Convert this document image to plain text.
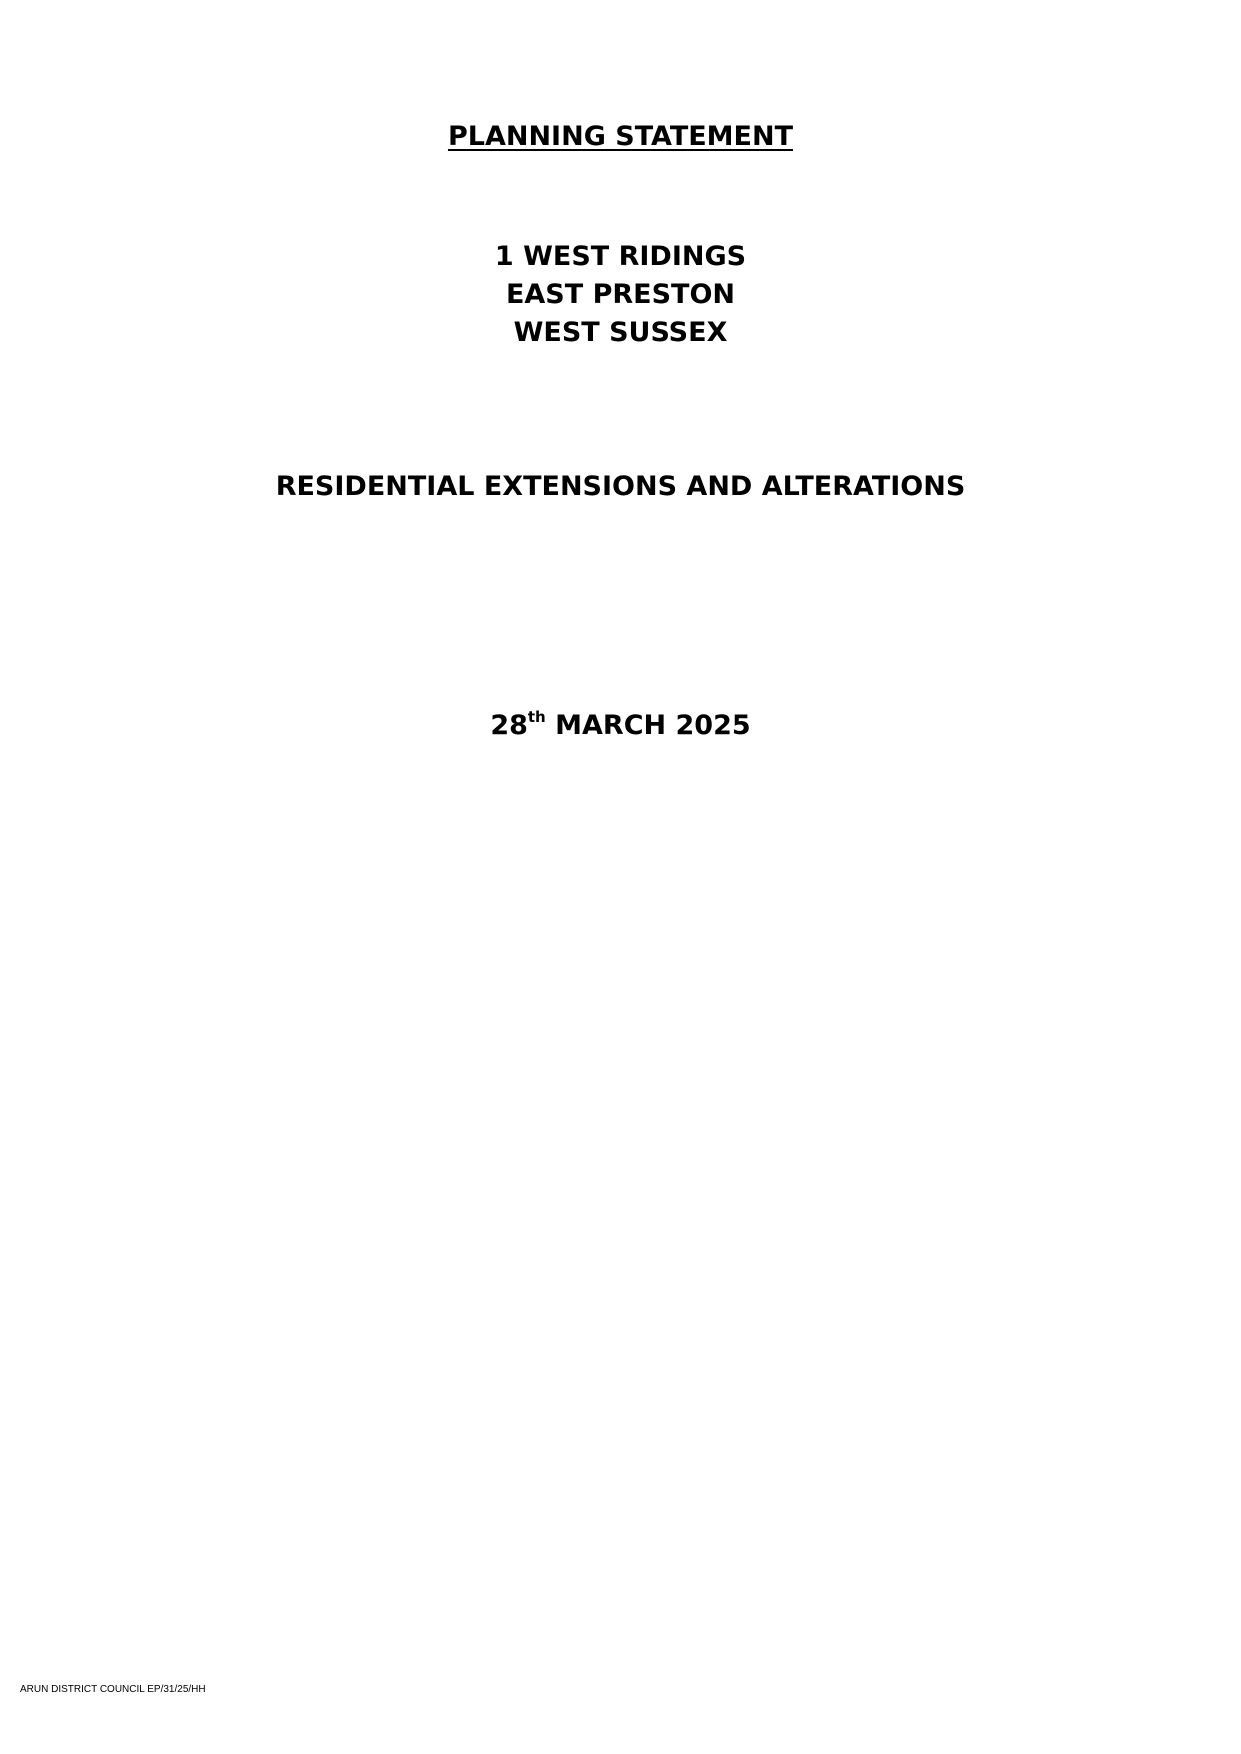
PLANNING STATEMENT
1 WEST RIDINGS
EAST PRESTON
WEST SUSSEX
RESIDENTIAL EXTENSIONS AND ALTERATIONS
28th MARCH 2025
ARUN DISTRICT COUNCIL EP/31/25/HH
